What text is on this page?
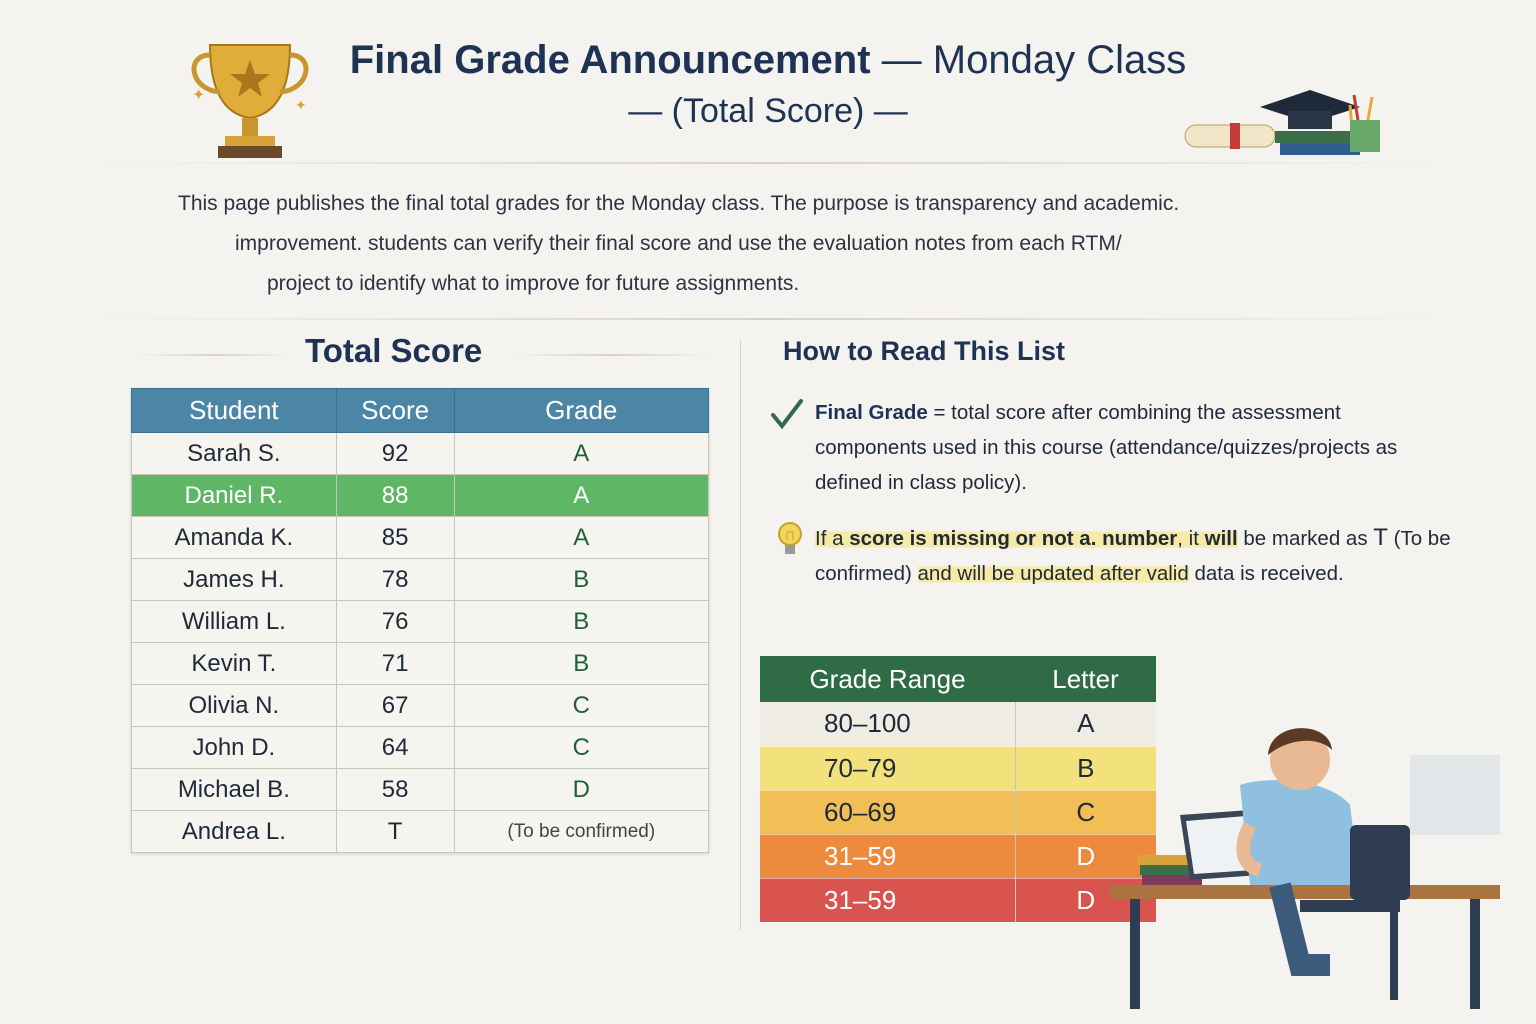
✦
✦
Final Grade Announcement — Monday Class
— (Total Score) —

This page publishes the final total grades for the Monday class. The purpose is transparency and academic.

improvement. students can verify their final score and use the evaluation notes from each RTM/

project to identify what to improve for future assignments.

Total Score
Student	Score	Grade
Sarah S.	92	A
Daniel R.	88	A
Amanda K.	85	A
James H.	78	B
William L.	76	B
Kevin T.	71	B
Olivia N.	67	C
John D.	64	C
Michael B.	58	D
Andrea L.	T	(To be confirmed)
How to Read This List
Final Grade = total score after combining the assessment components used in this course (attendance/quizzes/projects as defined in class policy).
If a score is missing or not a. number, it will be marked as T (To be confirmed) and will be updated after valid data is received.
Grade Range	Letter
80–100	A
70–79	B
60–69	C
31–59	D
31–59	D
